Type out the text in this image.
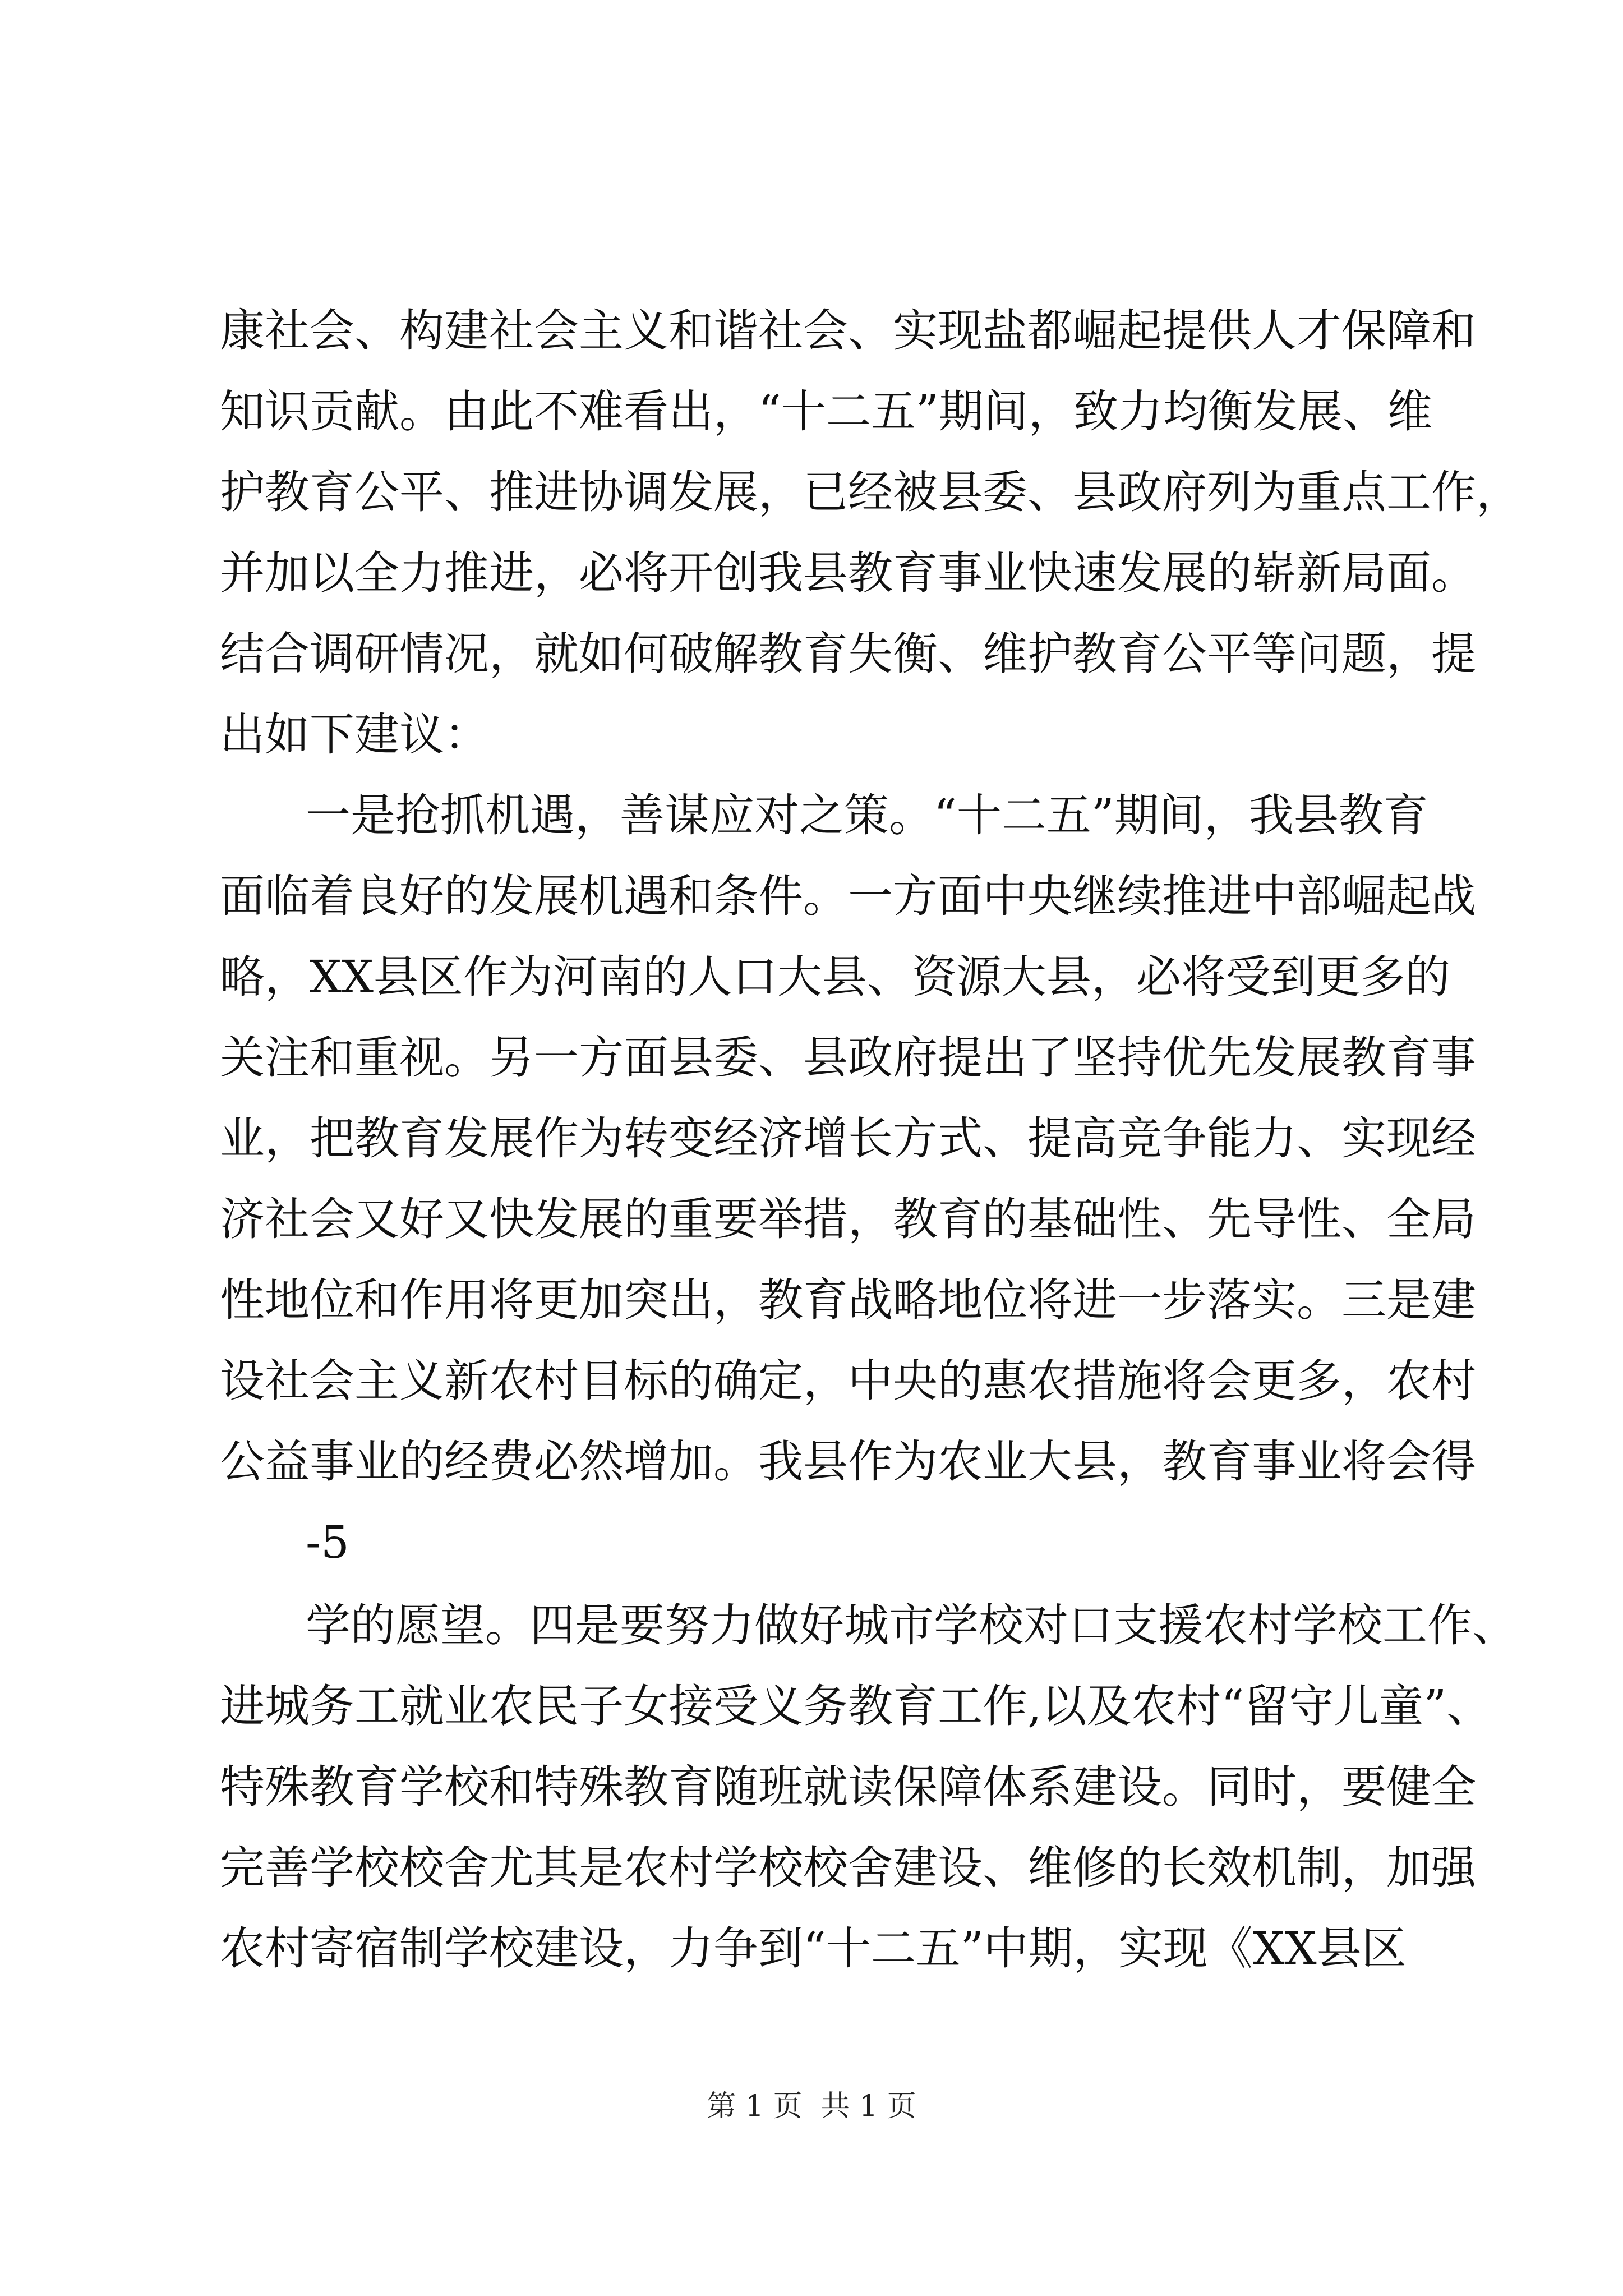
康社会、构建社会主义和谐社会、实现盐都崛起提供人才保障和
知识贡献。由此不难看出，“十二五”期间，致力均衡发展、维
护教育公平、推进协调发展，已经被县委、县政府列为重点工作，
并加以全力推进，必将开创我县教育事业快速发展的崭新局面。
结合调研情况，就如何破解教育失衡、维护教育公平等问题，提
出如下建议：
一是抢抓机遇，善谋应对之策。“十二五”期间，我县教育
面临着良好的发展机遇和条件。一方面中央继续推进中部崛起战
略，XX县区作为河南的人口大县、资源大县，必将受到更多的
关注和重视。另一方面县委、县政府提出了坚持优先发展教育事
业，把教育发展作为转变经济增长方式、提高竞争能力、实现经
济社会又好又快发展的重要举措，教育的基础性、先导性、全局
性地位和作用将更加突出，教育战略地位将进一步落实。三是建
设社会主义新农村目标的确定，中央的惠农措施将会更多，农村
公益事业的经费必然增加。我县作为农业大县，教育事业将会得
-5
学的愿望。四是要努力做好城市学校对口支援农村学校工作、
进城务工就业农民子女接受义务教育工作,以及农村“留守儿童”、
特殊教育学校和特殊教育随班就读保障体系建设。同时，要健全
完善学校校舍尤其是农村学校校舍建设、维修的长效机制，加强
农村寄宿制学校建设，力争到“十二五”中期，实现《XX县区
第 1 页  共 1 页
